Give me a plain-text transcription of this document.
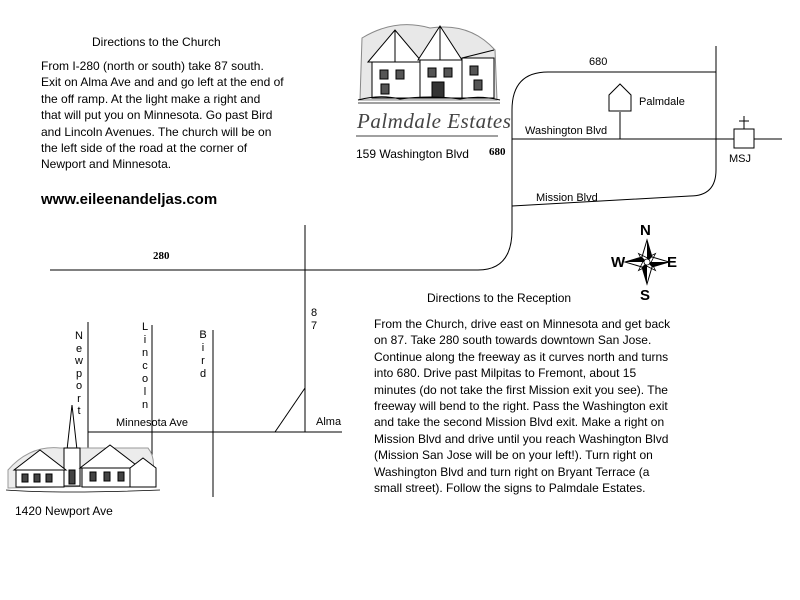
Directions to the Church
From I-280 (north or south) take 87 south.
Exit on Alma Ave and and go left at the end of
the off ramp. At the light make a right and
that will put you on Minnesota. Go past Bird
and Lincoln Avenues. The church will be on
the left side of the road at the corner of
Newport and Minnesota.
www.eileenandeljas.com
Palmdale Estates
159 Washington Blvd
680
680
280
Palmdale
Washington Blvd
Mission Blvd
MSJ
Alma
Minnesota Ave
8
7
N
e
w
p
o
r
t
L
i
n
c
o
l
n
B
i
r
d
N
S
E
W
1420 Newport Ave
Directions to the Reception
From the Church, drive east on Minnesota and get back
on 87. Take 280 south towards downtown San Jose.
Continue along the freeway as it curves north and turns
into 680. Drive past Milpitas to Fremont, about 15
minutes (do not take the first Mission exit you see). The
freeway will bend to the right. Pass the Washington exit
and take the second Mission Blvd exit. Make a right on
Mission Blvd and drive until you reach Washington Blvd
(Mission San Jose will be on your left!). Turn right on
Washington Blvd and turn right on Bryant Terrace (a
small street). Follow the signs to Palmdale Estates.
